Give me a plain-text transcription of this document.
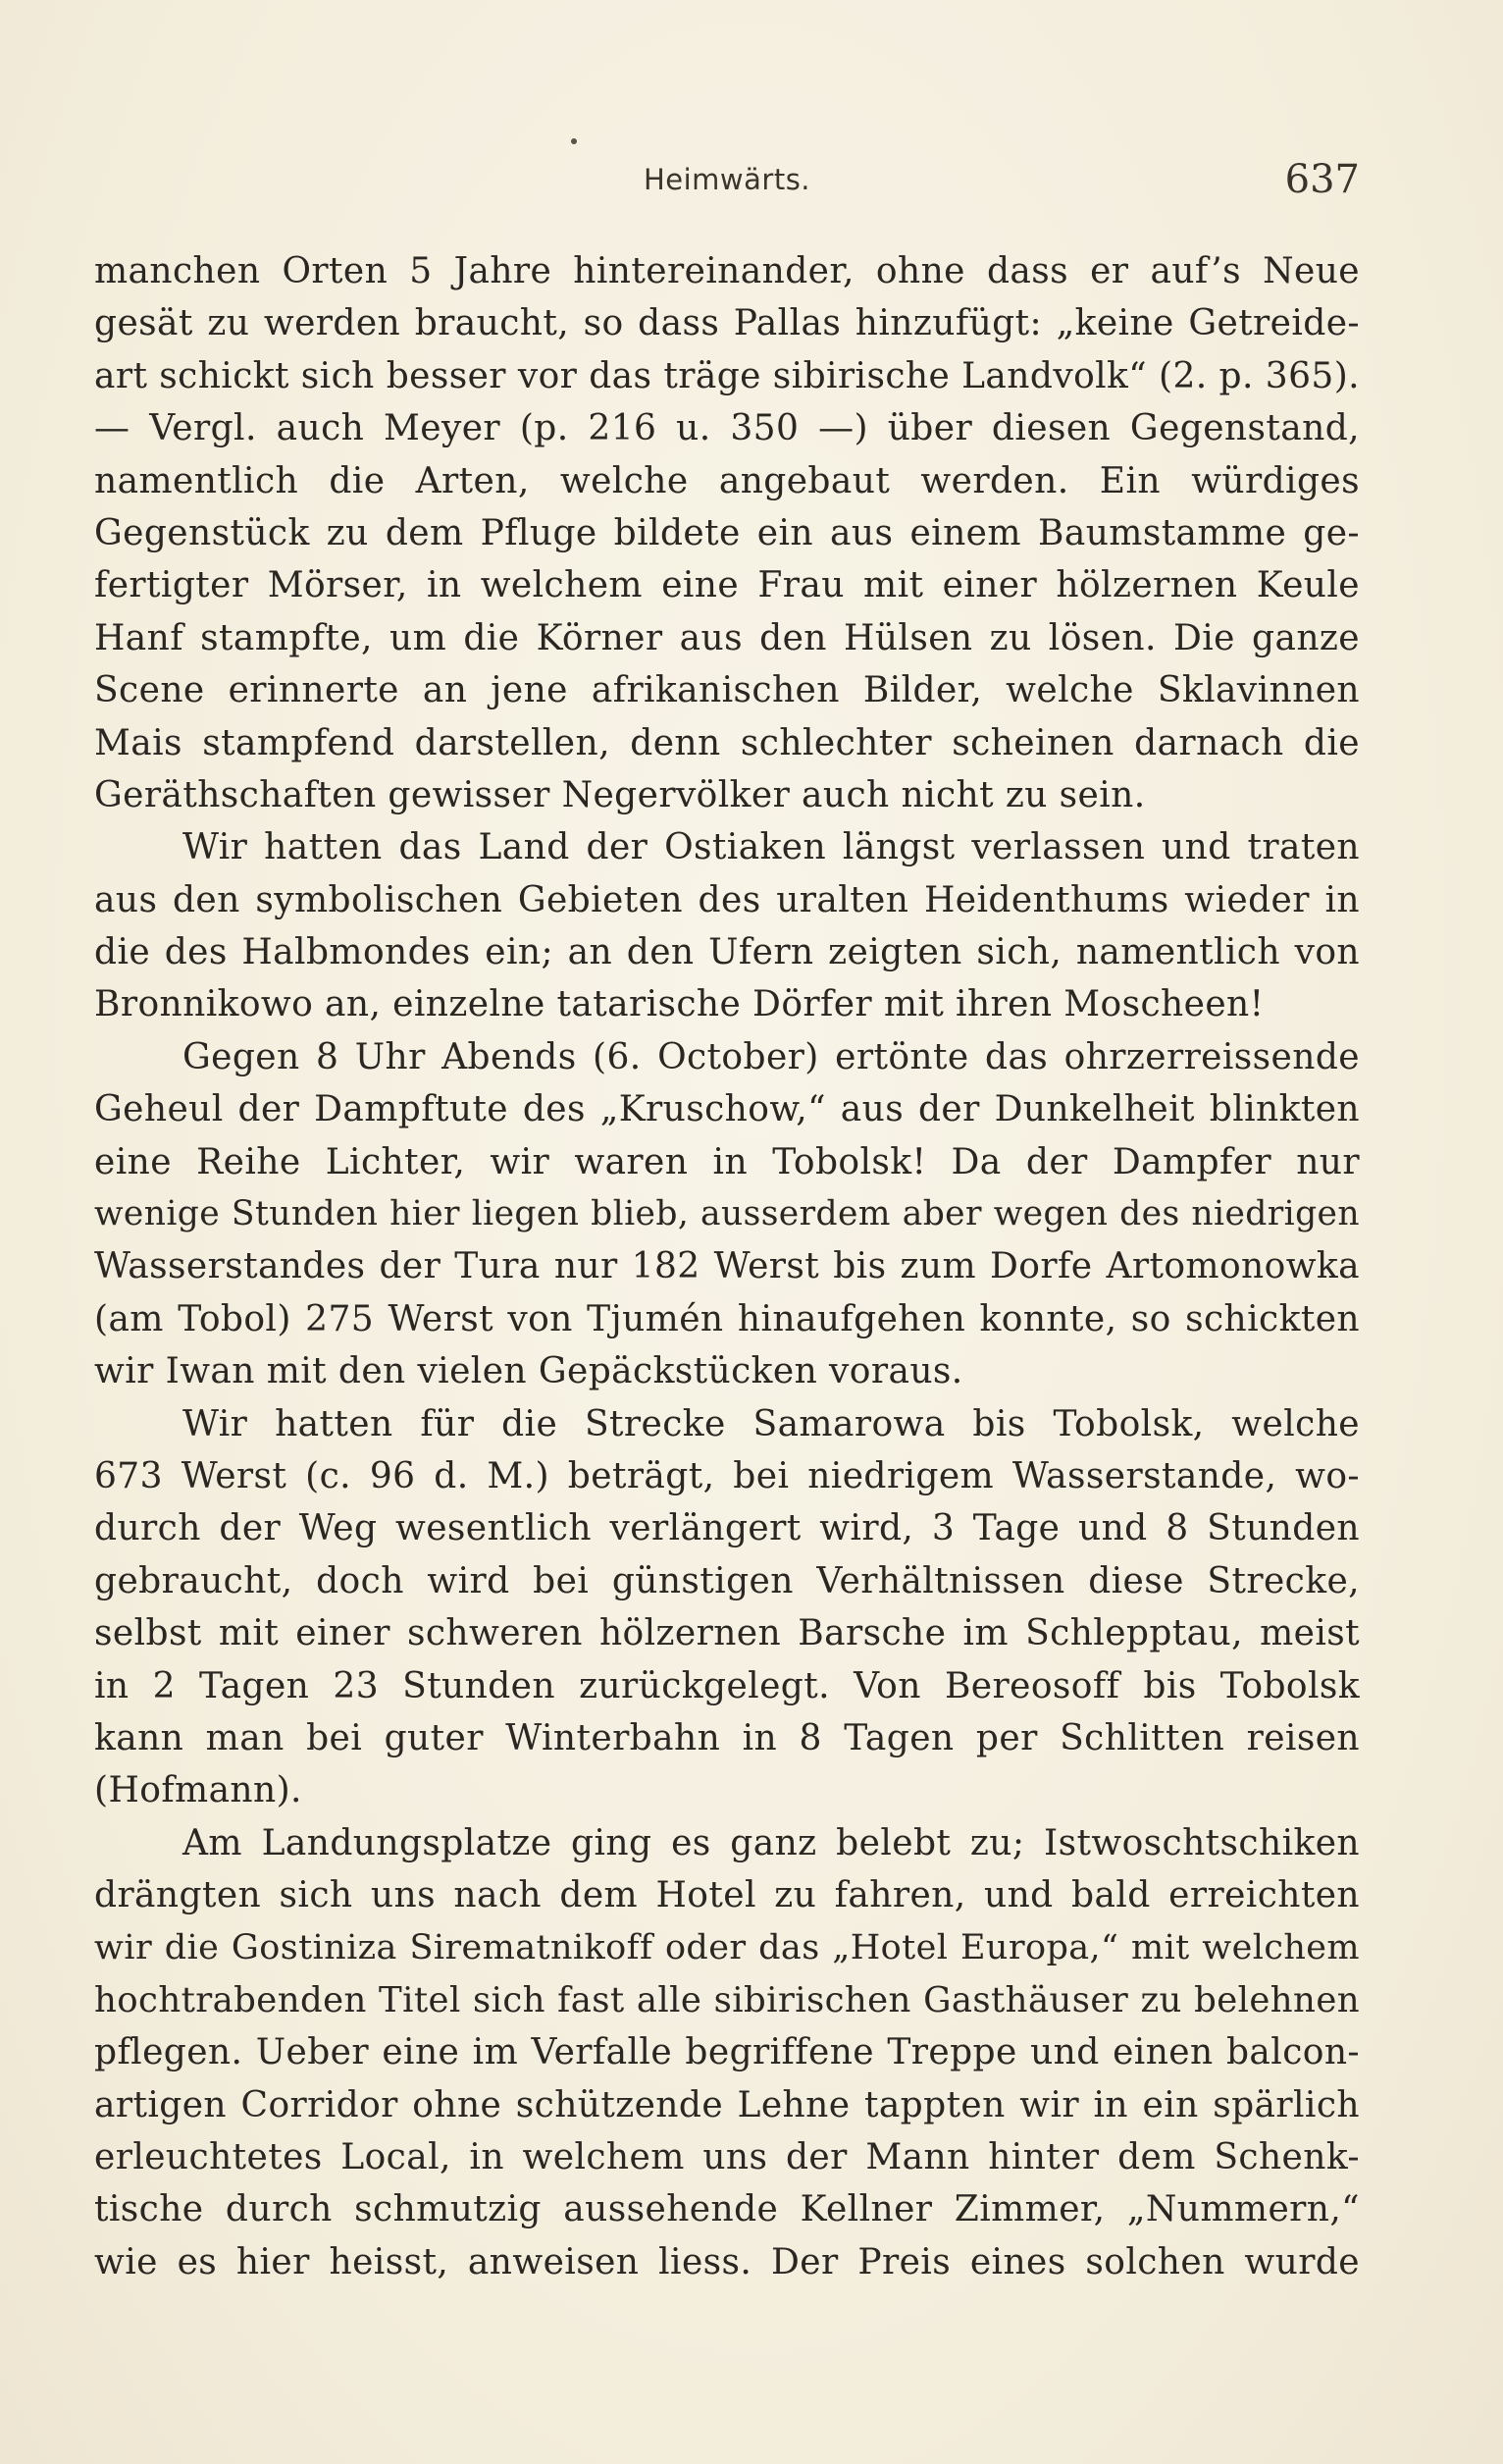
Heimwärts.	637
manchen Orten 5 Jahre hintereinander, ohne dass er auf’s Neue
gesät zu werden braucht, so dass Pallas hinzufügt: „keine Getreide-
art schickt sich besser vor das träge sibirische Landvolk“ (2. p. 365).
— Vergl. auch Meyer (p. 216 u. 350 —) über diesen Gegenstand,
namentlich die Arten, welche angebaut werden. Ein würdiges
Gegenstück zu dem Pfluge bildete ein aus einem Baumstamme ge-
fertigter Mörser, in welchem eine Frau mit einer hölzernen Keule
Hanf stampfte, um die Körner aus den Hülsen zu lösen. Die ganze
Scene erinnerte an jene afrikanischen Bilder, welche Sklavinnen
Mais stampfend darstellen, denn schlechter scheinen darnach die
Geräthschaften gewisser Negervölker auch nicht zu sein.
Wir hatten das Land der Ostiaken längst verlassen und traten
aus den symbolischen Gebieten des uralten Heidenthums wieder in
die des Halbmondes ein; an den Ufern zeigten sich, namentlich von
Bronnikowo an, einzelne tatarische Dörfer mit ihren Moscheen!
Gegen 8 Uhr Abends (6. October) ertönte das ohrzerreissende
Geheul der Dampftute des „Kruschow,“ aus der Dunkelheit blinkten
eine Reihe Lichter, wir waren in Tobolsk! Da der Dampfer nur
wenige Stunden hier liegen blieb, ausserdem aber wegen des niedrigen
Wasserstandes der Tura nur 182 Werst bis zum Dorfe Artomonowka
(am Tobol) 275 Werst von Tjumén hinaufgehen konnte, so schickten
wir Iwan mit den vielen Gepäckstücken voraus.
Wir hatten für die Strecke Samarowa bis Tobolsk, welche
673 Werst (c. 96 d. M.) beträgt, bei niedrigem Wasserstande, wo-
durch der Weg wesentlich verlängert wird, 3 Tage und 8 Stunden
gebraucht, doch wird bei günstigen Verhältnissen diese Strecke,
selbst mit einer schweren hölzernen Barsche im Schlepptau, meist
in 2 Tagen 23 Stunden zurückgelegt. Von Bereosoff bis Tobolsk
kann man bei guter Winterbahn in 8 Tagen per Schlitten reisen
(Hofmann).
Am Landungsplatze ging es ganz belebt zu; Istwoschtschiken
drängten sich uns nach dem Hotel zu fahren, und bald erreichten
wir die Gostiniza Sirematnikoff oder das „Hotel Europa,“ mit welchem
hochtrabenden Titel sich fast alle sibirischen Gasthäuser zu belehnen
pflegen. Ueber eine im Verfalle begriffene Treppe und einen balcon-
artigen Corridor ohne schützende Lehne tappten wir in ein spärlich
erleuchtetes Local, in welchem uns der Mann hinter dem Schenk-
tische durch schmutzig aussehende Kellner Zimmer, „Nummern,“
wie es hier heisst, anweisen liess. Der Preis eines solchen wurde
